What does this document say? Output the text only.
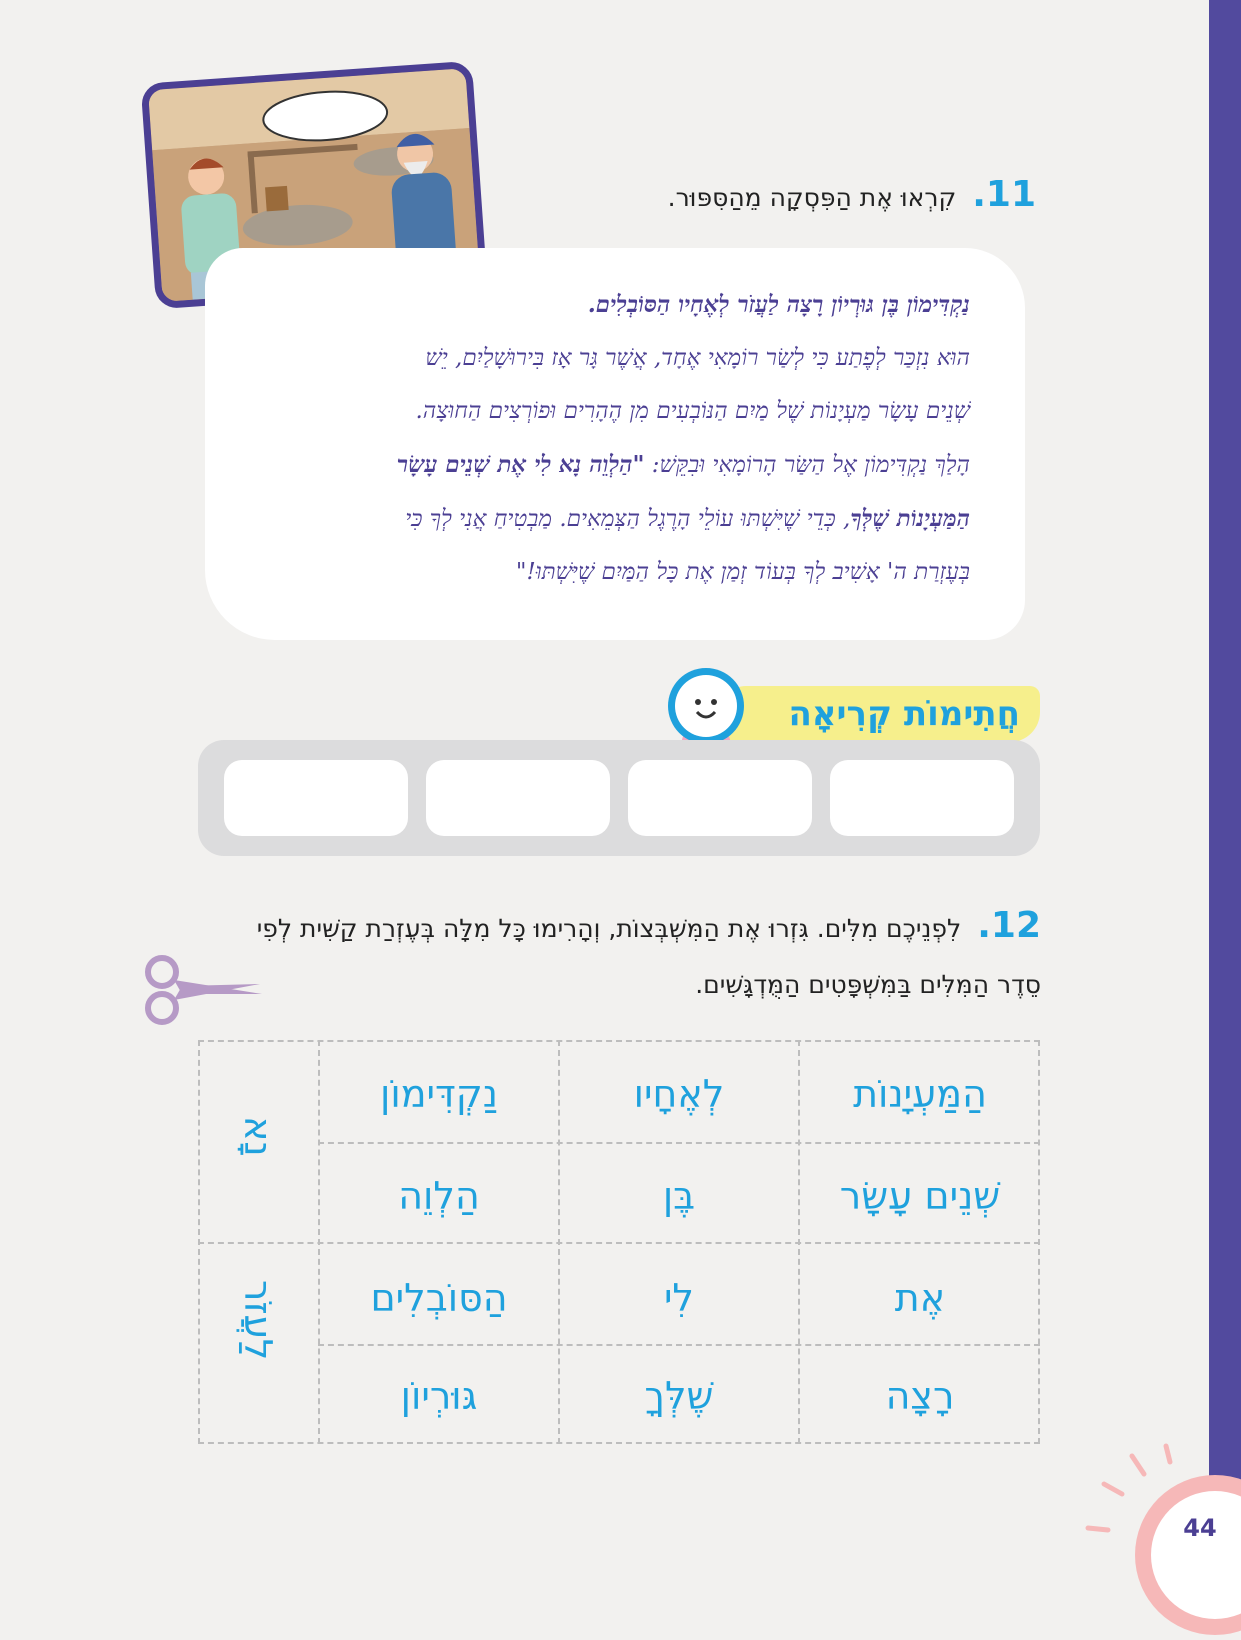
11. קִרְאוּ אֶת הַפִּסְקָה מֵהַסִּפּוּר.
נַקְדִּימוֹן בֶּן גּוּרְיוֹן רָצָה לַעֲזֹר לְאֶחָיו הַסּוֹבְלִים.
הוּא נִזְכַּר לְפֶתַע כִּי לְשַׂר רוֹמָאִי אֶחָד, אֲשֶׁר גָּר אָז בִּירוּשָׁלַיִם, יֵשׁ
שְׁנֵים עָשָׂר מַעְיָנוֹת שֶׁל מַיִם הַנּוֹבְעִים מִן הֶהָרִים וּפוֹרְצִים הַחוּצָה.
הָלַךְ נַקְדִּימוֹן אֶל הַשַּׂר הָרוֹמָאִי וּבִקֵּשׁ: "הַלְוֵה נָא לִי אֶת שְׁנֵים עָשָׂר
הַמַּעְיָנוֹת שֶׁלְּךָ, כְּדֵי שֶׁיִּשְׁתּוּ עוֹלֵי הָרֶגֶל הַצְּמֵאִים. מַבְטִיחַ אֲנִי לְךָ כִּי
בְּעֶזְרַת ה' אָשִׁיב לְךָ בְּעוֹד זְמַן אֶת כָּל הַמַּיִם שֶׁיִּשְׁתּוּ!"
חֲתִימוֹת קְרִיאָה
12. לִפְנֵיכֶם מִלִּים. גִּזְרוּ אֶת הַמִּשְׁבְּצוֹת, וְהָרִימוּ כָּל מִלָּה בְּעֶזְרַת קַשִּׁית לְפִי
סֵדֶר הַמִּלִּים בַּמִּשְׁפָּטִים הַמֻּדְגָּשִׁים.
הַמַּעְיָנוֹת
לְאֶחָיו
נַקְדִּימוֹן
שְׁנֵים עָשָׂר
בֶּן
הַלְוֵה
אֶת
לִי
הַסּוֹבְלִים
רָצָה
שֶׁלְּךָ
גּוּרְיוֹן
נָא
לַעֲזֹר
44
